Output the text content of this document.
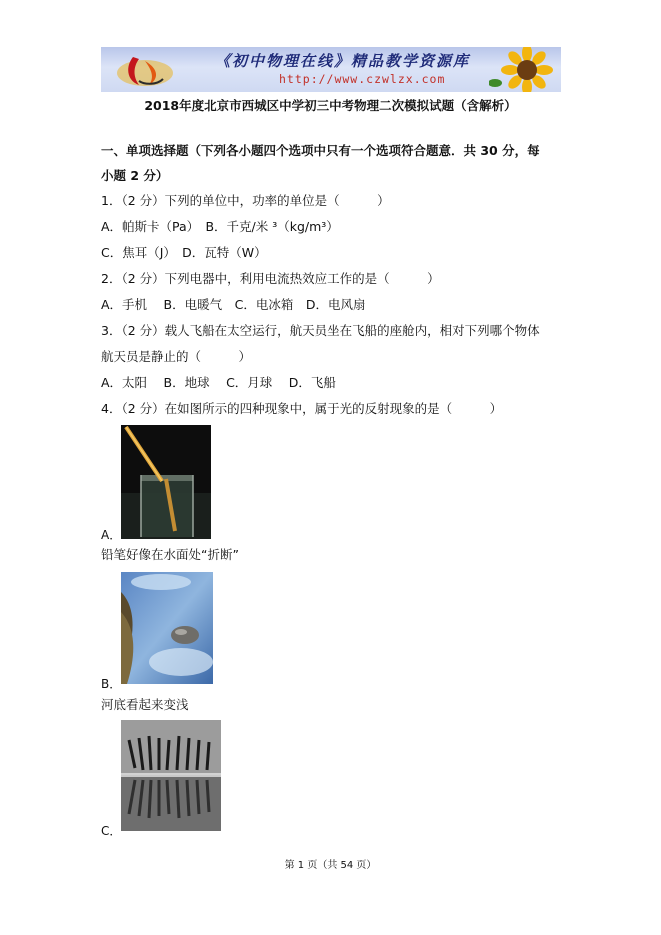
《初中物理在线》精品教学资源库
http://www.czwlzx.com
2018年度北京市西城区中学初三中考物理二次模拟试题（含解析）
一、单项选择题（下列各小题四个选项中只有一个选项符合题意．共 30 分，每
小题 2 分）
1．（2 分）下列的单位中，功率的单位是（　　　）
A．帕斯卡（Pa）　B．千克/米 ³（kg/m³）
C．焦耳（J）　D．瓦特（W）
2．（2 分）下列电器中，利用电流热效应工作的是（　　　）
A．手机　 B．电暖气　C．电冰箱　D．电风扇
3．（2 分）载人飞船在太空运行，航天员坐在飞船的座舱内，相对下列哪个物体
航天员是静止的（　　　）
A．太阳　 B．地球　 C．月球　 D．飞船
4．（2 分）在如图所示的四种现象中，属于光的反射现象的是（　　　）
A．
铅笔好像在水面处“折断”
B．
河底看起来变浅
C．
第 1 页（共 54 页）
